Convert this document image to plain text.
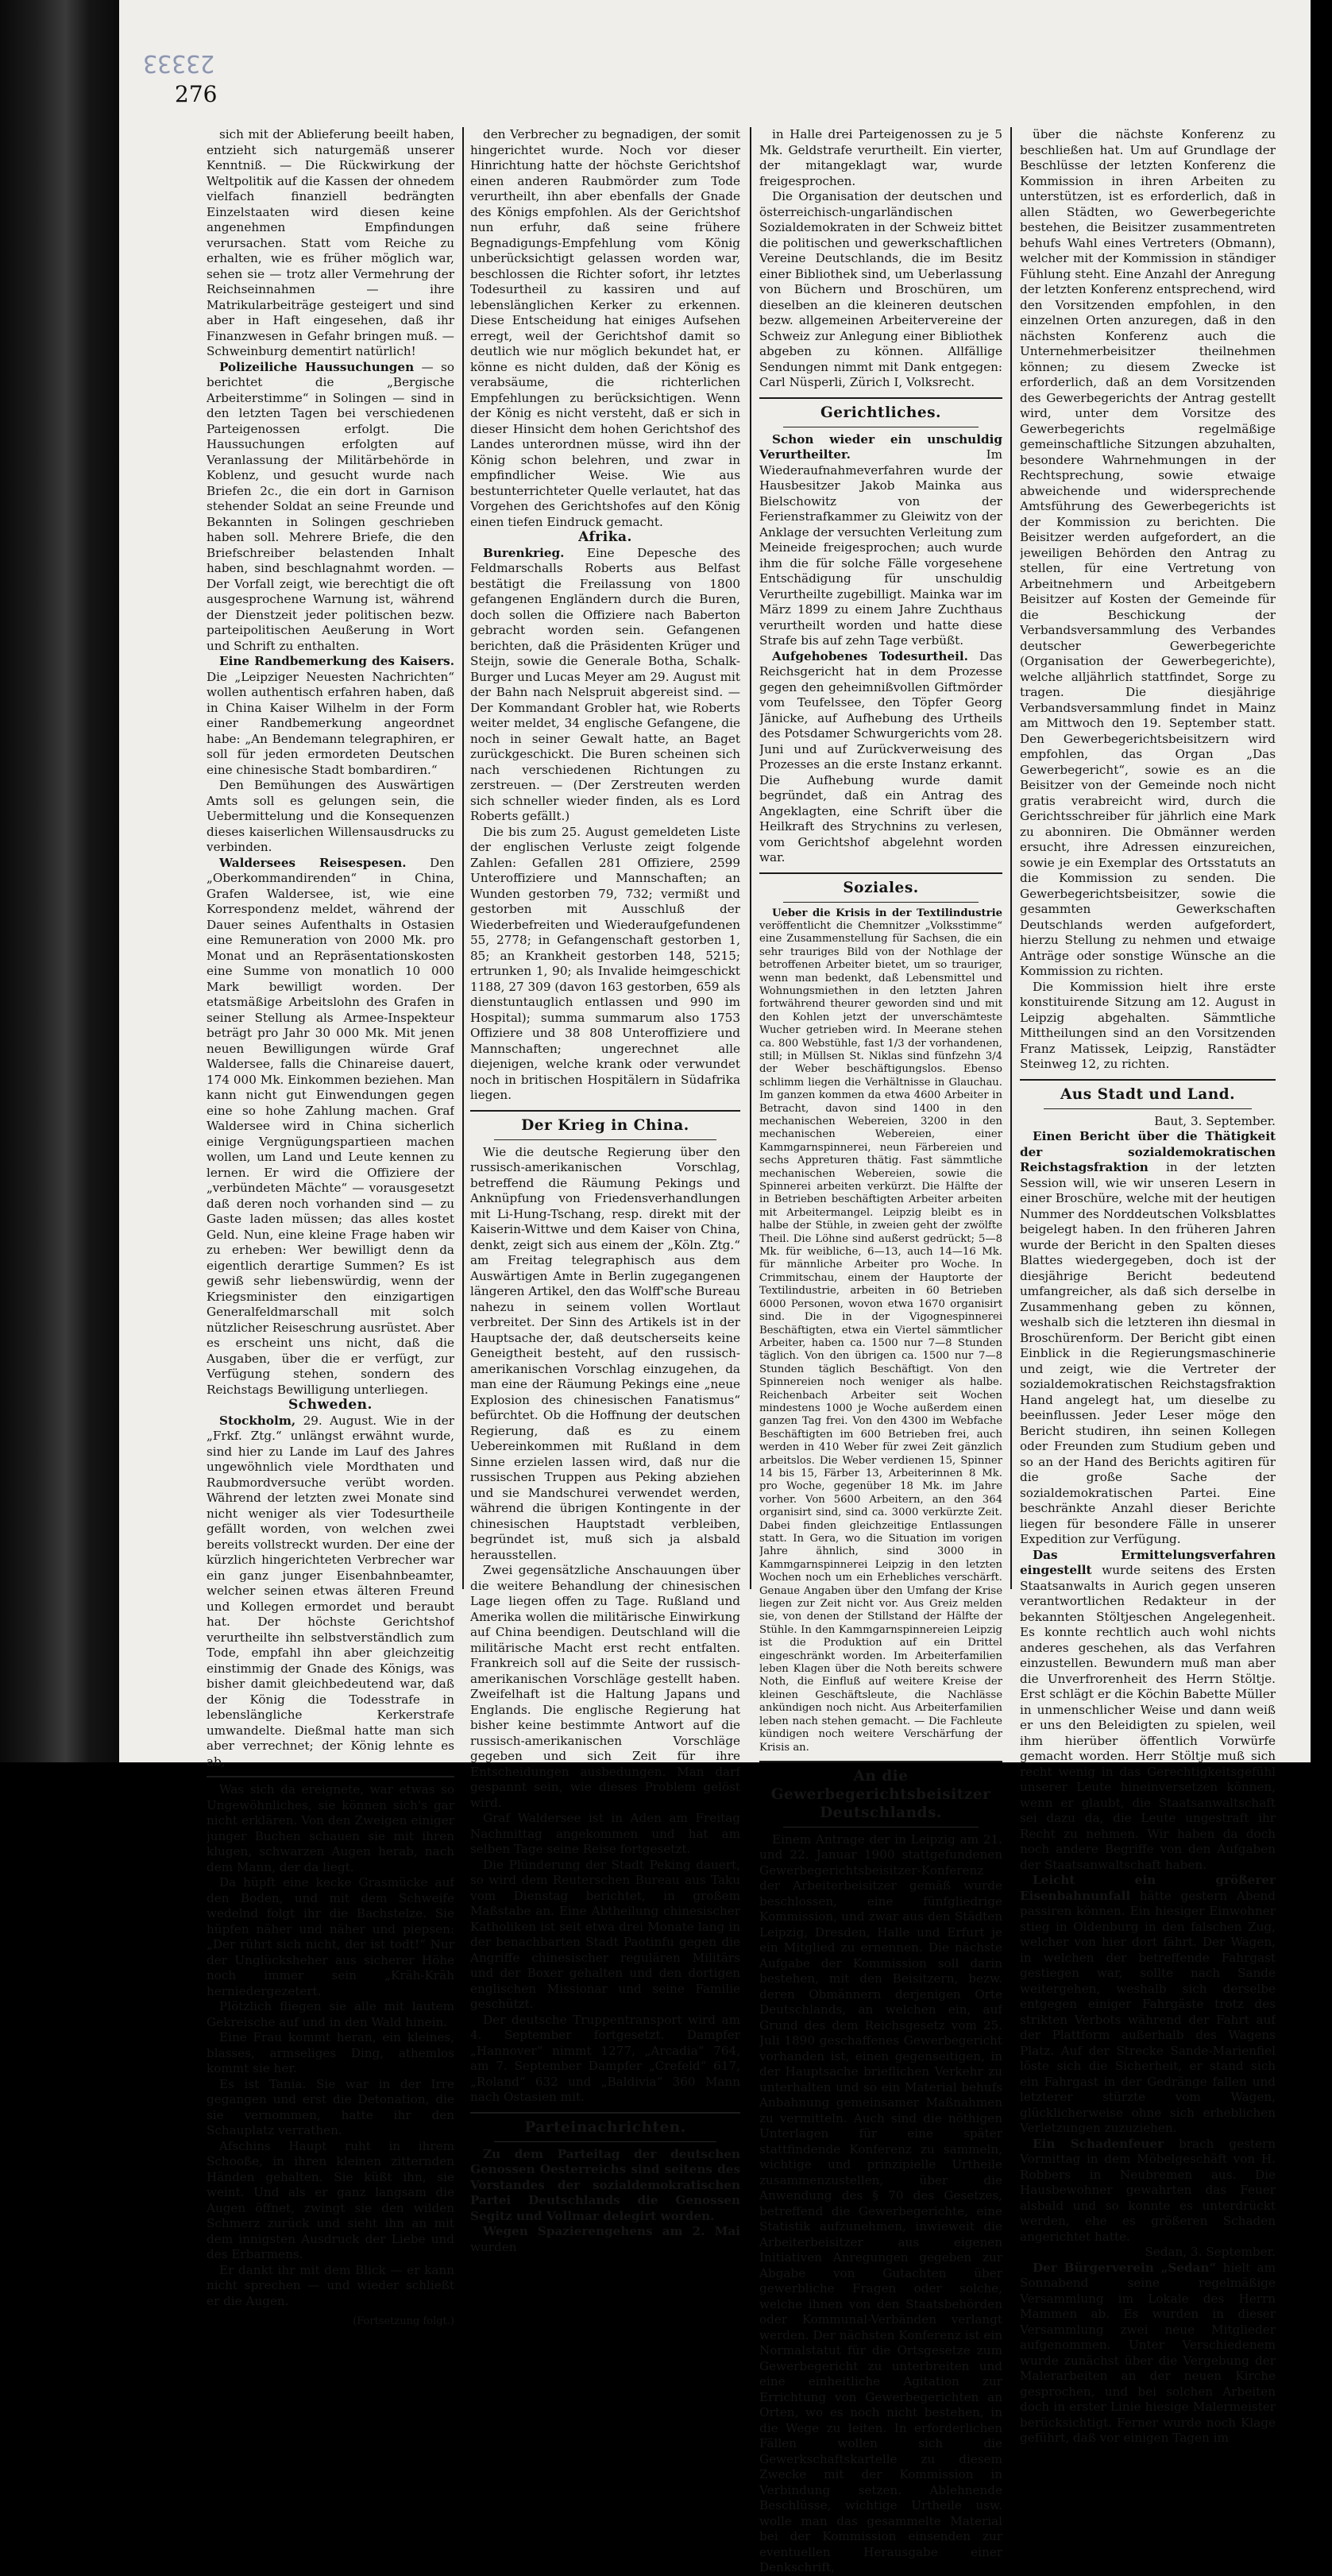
23333
276

sich mit der Ablieferung beeilt haben, entzieht sich naturgemäß unserer Kenntniß. — Die Rückwirkung der Weltpolitik auf die Kassen der ohnedem vielfach finanziell bedrängten Einzelstaaten wird diesen keine angenehmen Empfindungen verursachen. Statt vom Reiche zu erhalten, wie es früher möglich war, sehen sie — trotz aller Vermehrung der Reichseinnahmen — ihre Matrikularbeiträge gesteigert und sind aber in Haft eingesehen, daß ihr Finanzwesen in Gefahr bringen muß. — Schweinburg dementirt natürlich!

Polizeiliche Haussuchungen — so berichtet die „Bergische Arbeiterstimme“ in Solingen — sind in den letzten Tagen bei verschiedenen Parteigenossen erfolgt. Die Haussuchungen erfolgten auf Veranlassung der Militärbehörde in Koblenz, und gesucht wurde nach Briefen 2c., die ein dort in Garnison stehender Soldat an seine Freunde und Bekannten in Solingen geschrieben haben soll. Mehrere Briefe, die den Briefschreiber belastenden Inhalt haben, sind beschlagnahmt worden. — Der Vorfall zeigt, wie berechtigt die oft ausgesprochene Warnung ist, während der Dienstzeit jeder politischen bezw. parteipolitischen Aeußerung in Wort und Schrift zu enthalten.

Eine Randbemerkung des Kaisers. Die „Leipziger Neuesten Nachrichten“ wollen authentisch erfahren haben, daß in China Kaiser Wilhelm in der Form einer Randbemerkung angeordnet habe: „An Bendemann telegraphiren, er soll für jeden ermordeten Deutschen eine chinesische Stadt bombardiren.“

Den Bemühungen des Auswärtigen Amts soll es gelungen sein, die Uebermittelung und die Konsequenzen dieses kaiserlichen Willensausdrucks zu verbinden.

Waldersees Reisespesen. Den „Oberkommandirenden“ in China, Grafen Waldersee, ist, wie eine Korrespondenz meldet, während der Dauer seines Aufenthalts in Ostasien eine Remuneration von 2000 Mk. pro Monat und an Repräsentationskosten eine Summe von monatlich 10 000 Mark bewilligt worden. Der etatsmäßige Arbeitslohn des Grafen in seiner Stellung als Armee-Inspekteur beträgt pro Jahr 30 000 Mk. Mit jenen neuen Bewilligungen würde Graf Waldersee, falls die Chinareise dauert, 174 000 Mk. Einkommen beziehen. Man kann nicht gut Einwendungen gegen eine so hohe Zahlung machen. Graf Waldersee wird in China sicherlich einige Vergnügungspartieen machen wollen, um Land und Leute kennen zu lernen. Er wird die Offiziere der „verbündeten Mächte“ — vorausgesetzt daß deren noch vorhanden sind — zu Gaste laden müssen; das alles kostet Geld. Nun, eine kleine Frage haben wir zu erheben: Wer bewilligt denn da eigentlich derartige Summen? Es ist gewiß sehr liebenswürdig, wenn der Kriegsminister den einzigartigen Generalfeldmarschall mit solch nützlicher Reiseschrung ausrüstet. Aber es erscheint uns nicht, daß die Ausgaben, über die er verfügt, zur Verfügung stehen, sondern des Reichstags Bewilligung unterliegen.

Schweden.

Stockholm, 29. August. Wie in der „Frkf. Ztg.“ unlängst erwähnt wurde, sind hier zu Lande im Lauf des Jahres ungewöhnlich viele Mordthaten und Raubmordversuche verübt worden. Während der letzten zwei Monate sind nicht weniger als vier Todesurtheile gefällt worden, von welchen zwei bereits vollstreckt wurden. Der eine der kürzlich hingerichteten Verbrecher war ein ganz junger Eisenbahnbeamter, welcher seinen etwas älteren Freund und Kollegen ermordet und beraubt hat. Der höchste Gerichtshof verurtheilte ihn selbstverständlich zum Tode, empfahl ihn aber gleichzeitig einstimmig der Gnade des Königs, was bisher damit gleichbedeutend war, daß der König die Todesstrafe in lebenslängliche Kerkerstrafe umwandelte. Dießmal hatte man sich aber verrechnet; der König lehnte es ab,

Was sich da ereignete, war etwas so Ungewöhnliches, sie können sich's gar nicht erklären. Von den Zweigen einiger junger Buchen schauen sie mit ihren klugen, schwarzen Augen herab, nach dem Mann, der da liegt.

Da hüpft eine kecke Grasmücke auf den Boden, und mit dem Schweife wedelnd folgt ihr die Bachstelze. Sie hüpfen näher und näher und piepsen: „Der rührt sich nicht, der ist todt!“ Nur der Unglücksheher aus sicherer Höhe noch immer sein „Kräh-Kräh herniedergezetert.

Plötzlich fliegen sie alle mit lautem Gekreische auf und in den Wald hinein.

Eine Frau kommt heran, ein kleines, blasses, armseliges Ding, athemlos kommt sie her.

Es ist Tania. Sie war in der Irre gegangen und erst die Detonation, die sie vernommen, hatte ihr den Schauplatz verrathen.

Afschins Haupt ruht in ihrem Schooße, in ihren kleinen zitternden Händen gehalten. Sie küßt ihn, sie weint. Und als er ganz langsam die Augen öffnet, zwingt sie den wilden Schmerz zurück und sieht ihn an mit dem innigsten Ausdruck der Liebe und des Erbarmens.

Er dankt ihr mit dem Blick — er kann nicht sprechen — und wieder schließt er die Augen.

(Fortsetzung folgt.)

den Verbrecher zu begnadigen, der somit hingerichtet wurde. Noch vor dieser Hinrichtung hatte der höchste Gerichtshof einen anderen Raubmörder zum Tode verurtheilt, ihn aber ebenfalls der Gnade des Königs empfohlen. Als der Gerichtshof nun erfuhr, daß seine frühere Begnadigungs-Empfehlung vom König unberücksichtigt gelassen worden war, beschlossen die Richter sofort, ihr letztes Todesurtheil zu kassiren und auf lebenslänglichen Kerker zu erkennen. Diese Entscheidung hat einiges Aufsehen erregt, weil der Gerichtshof damit so deutlich wie nur möglich bekundet hat, er könne es nicht dulden, daß der König es verabsäume, die richterlichen Empfehlungen zu berücksichtigen. Wenn der König es nicht versteht, daß er sich in dieser Hinsicht dem hohen Gerichtshof des Landes unterordnen müsse, wird ihn der König schon belehren, und zwar in empfindlicher Weise. Wie aus bestunterrichteter Quelle verlautet, hat das Vorgehen des Gerichtshofes auf den König einen tiefen Eindruck gemacht.

Afrika.

Burenkrieg. Eine Depesche des Feldmarschalls Roberts aus Belfast bestätigt die Freilassung von 1800 gefangenen Engländern durch die Buren, doch sollen die Offiziere nach Baberton gebracht worden sein. Gefangenen berichten, daß die Präsidenten Krüger und Steijn, sowie die Generale Botha, Schalk-Burger und Lucas Meyer am 29. August mit der Bahn nach Nelspruit abgereist sind. — Der Kommandant Grobler hat, wie Roberts weiter meldet, 34 englische Gefangene, die noch in seiner Gewalt hatte, an Baget zurückgeschickt. Die Buren scheinen sich nach verschiedenen Richtungen zu zerstreuen. — (Der Zerstreuten werden sich schneller wieder finden, als es Lord Roberts gefällt.)

Die bis zum 25. August gemeldeten Liste der englischen Verluste zeigt folgende Zahlen: Gefallen 281 Offiziere, 2599 Unteroffiziere und Mannschaften; an Wunden gestorben 79, 732; vermißt und gestorben mit Ausschluß der Wiederbefreiten und Wiederaufgefundenen 55, 2778; in Gefangenschaft gestorben 1, 85; an Krankheit gestorben 148, 5215; ertrunken 1, 90; als Invalide heimgeschickt 1188, 27 309 (davon 163 gestorben, 659 als dienstuntauglich entlassen und 990 im Hospital); summa summarum also 1753 Offiziere und 38 808 Unteroffiziere und Mannschaften; ungerechnet alle diejenigen, welche krank oder verwundet noch in britischen Hospitälern in Südafrika liegen.

Der Krieg in China.

Wie die deutsche Regierung über den russisch-amerikanischen Vorschlag, betreffend die Räumung Pekings und Anknüpfung von Friedensverhandlungen mit Li-Hung-Tschang, resp. direkt mit der Kaiserin-Wittwe und dem Kaiser von China, denkt, zeigt sich aus einem der „Köln. Ztg.“ am Freitag telegraphisch aus dem Auswärtigen Amte in Berlin zugegangenen längeren Artikel, den das Wolff'sche Bureau nahezu in seinem vollen Wortlaut verbreitet. Der Sinn des Artikels ist in der Hauptsache der, daß deutscherseits keine Geneigtheit besteht, auf den russisch-amerikanischen Vorschlag einzugehen, da man eine der Räumung Pekings eine „neue Explosion des chinesischen Fanatismus“ befürchtet. Ob die Hoffnung der deutschen Regierung, daß es zu einem Uebereinkommen mit Rußland in dem Sinne erzielen lassen wird, daß nur die russischen Truppen aus Peking abziehen und sie Mandschurei verwendet werden, während die übrigen Kontingente in der chinesischen Hauptstadt verbleiben, begründet ist, muß sich ja alsbald herausstellen.

Zwei gegensätzliche Anschauungen über die weitere Behandlung der chinesischen Lage liegen offen zu Tage. Rußland und Amerika wollen die militärische Einwirkung auf China beendigen. Deutschland will die militärische Macht erst recht entfalten. Frankreich soll auf die Seite der russisch-amerikanischen Vorschläge gestellt haben. Zweifelhaft ist die Haltung Japans und Englands. Die englische Regierung hat bisher keine bestimmte Antwort auf die russisch-amerikanischen Vorschläge gegeben und sich Zeit für ihre Entscheidungen ausbedungen. Man darf gespannt sein, wie dieses Problem gelöst wird.

Graf Waldersee ist in Aden am Freitag Nachmittag angekommen und hat am selben Tage seine Reise fortgesetzt.

Die Plünderung der Stadt Peking dauert, so wird dem Reuterschen Bureau aus Taku vom Dienstag berichtet, in großem Maßstabe an. Eine Abtheilung chinesischer Katholiken ist seit etwa drei Monate lang in der benachbarten Stadt Paotinfu gegen die Angriffe chinesischer regulären Militärs und der Boxer gehalten und den dortigen englischen Missionar und seine Familie geschützt.

Der deutsche Truppentransport wird am 4. September fortgesetzt. Dampfer „Hannover“ nimmt 1277, „Arcadia“ 764, am 7. September Dampfer „Crefeld“ 617, „Roland“ 632 und „Baldivia“ 360 Mann nach Ostasien mit.

Parteinachrichten.

Zu dem Parteitag der deutschen Genossen Oesterreichs sind seitens des Vorstandes der sozialdemokratischen Partei Deutschlands die Genossen Segitz und Vollmar delegirt worden.

Wegen Spazierengehens am 2. Mai wurden

in Halle drei Parteigenossen zu je 5 Mk. Geldstrafe verurtheilt. Ein vierter, der mitangeklagt war, wurde freigesprochen.

Die Organisation der deutschen und österreichisch-ungarländischen Sozialdemokraten in der Schweiz bittet die politischen und gewerkschaftlichen Vereine Deutschlands, die im Besitz einer Bibliothek sind, um Ueberlassung von Büchern und Broschüren, um dieselben an die kleineren deutschen bezw. allgemeinen Arbeitervereine der Schweiz zur Anlegung einer Bibliothek abgeben zu können. Allfällige Sendungen nimmt mit Dank entgegen: Carl Nüsperli, Zürich I, Volksrecht.

Gerichtliches.

Schon wieder ein unschuldig Verurtheilter.	Im Wiederaufnahmeverfahren wurde der Hausbesitzer Jakob Mainka aus Bielschowitz von der Ferienstrafkammer zu Gleiwitz von der Anklage der versuchten Verleitung zum Meineide freigesprochen; auch wurde ihm die für solche Fälle vorgesehene Entschädigung für unschuldig Verurtheilte zugebilligt. Mainka war im März 1899 zu einem Jahre Zuchthaus verurtheilt worden und hatte diese Strafe bis auf zehn Tage verbüßt.

Aufgehobenes Todesurtheil. Das Reichsgericht hat in dem Prozesse gegen den geheimnißvollen Giftmörder vom Teufelssee, den Töpfer Georg Jänicke, auf Aufhebung des Urtheils des Potsdamer Schwurgerichts vom 28. Juni und auf Zurückverweisung des Prozesses an die erste Instanz erkannt. Die Aufhebung wurde damit begründet, daß ein Antrag des Angeklagten, eine Schrift über die Heilkraft des Strychnins zu verlesen, vom Gerichtshof abgelehnt worden war.

Soziales.

Ueber die Krisis in der Textilindustrie veröffentlicht die Chemnitzer „Volksstimme“ eine Zusammenstellung für Sachsen, die ein sehr trauriges Bild von der Nothlage der betroffenen Arbeiter bietet, um so trauriger, wenn man bedenkt, daß Lebensmittel und Wohnungsmiethen in den letzten Jahren fortwährend theurer geworden sind und mit den Kohlen jetzt der unverschämteste Wucher getrieben wird. In Meerane stehen ca. 800 Webstühle, fast 1/3 der vorhandenen, still; in Müllsen St. Niklas sind fünfzehn 3/4 der Weber beschäftigungslos. Ebenso schlimm liegen die Verhältnisse in Glauchau. Im ganzen kommen da etwa 4600 Arbeiter in Betracht, davon sind 1400 in den mechanischen Webereien, 3200 in den mechanischen Webereien, einer Kammgarnspinnerei, neun Färbereien und sechs Appreturen thätig. Fast sämmtliche mechanischen Webereien, sowie die Spinnerei arbeiten verkürzt. Die Hälfte der in Betrieben beschäftigten Arbeiter arbeiten mit Arbeitermangel. Leipzig bleibt es in halbe der Stühle, in zweien geht der zwölfte Theil. Die Löhne sind außerst gedrückt; 5—8 Mk. für weibliche, 6—13, auch 14—16 Mk. für männliche Arbeiter pro Woche. In Crimmitschau, einem der Hauptorte der Textilindustrie, arbeiten in 60 Betrieben 6000 Personen, wovon etwa 1670 organisirt sind. Die in der Vigognespinnerei Beschäftigten, etwa ein Viertel sämmtlicher Arbeiter, haben ca. 1500 nur 7—8 Stunden täglich. Von den übrigen ca. 1500 nur 7—8 Stunden täglich Beschäftigt. Von den Spinnereien noch weniger als halbe. Reichenbach Arbeiter seit Wochen mindestens 1000 je Woche außerdem einen ganzen Tag frei. Von den 4300 im Webfache Beschäftigten im 600 Betrieben frei, auch werden in 410 Weber für zwei Zeit gänzlich arbeitslos. Die Weber verdienen 15, Spinner 14 bis 15, Färber 13, Arbeiterinnen 8 Mk. pro Woche, gegenüber 18 Mk. im Jahre vorher. Von 5600 Arbeitern, an den 364 organisirt sind, sind ca. 3000 verkürzte Zeit. Dabei finden gleichzeitige Entlassungen statt. In Gera, wo die Situation im vorigen Jahre ähnlich, sind 3000 in Kammgarnspinnerei Leipzig in den letzten Wochen noch um ein Erhebliches verschärft. Genaue Angaben über den Umfang der Krise liegen zur Zeit nicht vor. Aus Greiz melden sie, von denen der Stillstand der Hälfte der Stühle. In den Kammgarnspinnereien Leipzig ist die Produktion auf ein Drittel eingeschränkt worden. Im Arbeiterfamilien leben Klagen über die Noth bereits schwere Noth, die Einfluß auf weitere Kreise der kleinen Geschäftsleute, die Nachlässe ankündigen noch nicht. Aus Arbeiterfamilien leben nach stehen gemacht. — Die Fachleute kündigen noch weitere Verschärfung der Krisis an.

An die Gewerbegerichtsbeisitzer Deutschlands.

Einem Antrage der in Leipzig am 21. und 22. Januar 1900 stattgefundenen Gewerbegerichtsbeisitzer-Konferenz der Arbeiterbeisitzer gemäß wurde beschlossen, eine fünfgliedrige Kommission, und zwar aus den Städten Leipzig, Dresden, Halle und Erfurt je ein Mitglied zu ernennen. Die nächste Aufgabe der Kommission soll darin bestehen, mit den Beisitzern, bezw. deren Obmännern derjenigen Orte Deutschlands, an welchen ein, auf Grund des dem Reichsgesetz vom 25. Juli 1890 geschaffenes Gewerbegericht vorhanden ist, einen gegenseitigen, in der Hauptsache brieflichen Verkehr zu unterhalten und so ein Material behufs Anbahnung gemeinsamer Maßnahmen zu vermitteln. Auch sind die nöthigen Unterlagen für eine später stattfindende Konferenz zu sammeln, wichtige und prinzipielle Urtheile zusammenzustellen, über die Anwendung des § 70 des Gesetzes, betreffend die Gewerbegerichte, eine Statistik aufzunehmen, inwieweit die Arbeiterbeisitzer aus eigenen Initiativen Anregungen gegeben zur Abgabe von Gutachten über gewerbliche Fragen oder solche, welche ihnen von den Staatsbehörden oder Kommunal-Verbänden verlangt werden. Der nächsten Konferenz ist ein Normalstatut für die Ortsgesetze zum Gewerbegericht zu unterbreiten und eine einheitliche Agitation zur Errichtung von Gewerbegerichten an Orten, wo es noch nicht bestehen, in die Wege zu leiten. In erforderlichen Fällen wollen sich die Gewerkschaftskartelle zu diesem Zwecke mit der Kommission in Verbindung setzen. Ablehnende Beschlüsse, wichtige Urtheile usw. wolle man das gesammelte Material bei der Kommission einsenden zur eventuellen Herausgabe einer Denkschrift,

über die nächste Konferenz zu beschließen hat. Um auf Grundlage der Beschlüsse der letzten Konferenz die Kommission in ihren Arbeiten zu unterstützen, ist es erforderlich, daß in allen Städten, wo Gewerbegerichte bestehen, die Beisitzer zusammentreten behufs Wahl eines Vertreters (Obmann), welcher mit der Kommission in ständiger Fühlung steht. Eine Anzahl der Anregung der letzten Konferenz entsprechend, wird den Vorsitzenden empfohlen, in den einzelnen Orten anzuregen, daß in den nächsten Konferenz auch die Unternehmerbeisitzer theilnehmen können; zu diesem Zwecke ist erforderlich, daß an dem Vorsitzenden des Gewerbegerichts der Antrag gestellt wird, unter dem Vorsitze des Gewerbegerichts regelmäßige gemeinschaftliche Sitzungen abzuhalten, besondere Wahrnehmungen in der Rechtsprechung, sowie etwaige abweichende und widersprechende Amtsführung des Gewerbegerichts ist der Kommission zu berichten. Die Beisitzer werden aufgefordert, an die jeweiligen Behörden den Antrag zu stellen, für eine Vertretung von Arbeitnehmern und Arbeitgebern Beisitzer auf Kosten der Gemeinde für die Beschickung der Verbandsversammlung des Verbandes deutscher Gewerbegerichte (Organisation der Gewerbegerichte), welche alljährlich stattfindet, Sorge zu tragen. Die diesjährige Verbandsversammlung findet in Mainz am Mittwoch den 19. September statt. Den Gewerbegerichtsbeisitzern wird empfohlen, das Organ „Das Gewerbegericht“, sowie es an die Beisitzer von der Gemeinde noch nicht gratis verabreicht wird, durch die Gerichtsschreiber für jährlich eine Mark zu abonniren. Die Obmänner werden ersucht, ihre Adressen einzureichen, sowie je ein Exemplar des Ortsstatuts an die Kommission zu senden. Die Gewerbegerichtsbeisitzer, sowie die gesammten Gewerkschaften Deutschlands werden aufgefordert, hierzu Stellung zu nehmen und etwaige Anträge oder sonstige Wünsche an die Kommission zu richten.

Die Kommission hielt ihre erste konstituirende Sitzung am 12. August in Leipzig abgehalten. Sämmtliche Mittheilungen sind an den Vorsitzenden Franz Matissek, Leipzig, Ranstädter Steinweg 12, zu richten.

Aus Stadt und Land.

Baut, 3. September.

Einen Bericht über die Thätigkeit der sozialdemokratischen Reichstagsfraktion in der letzten Session will, wie wir unseren Lesern in einer Broschüre, welche mit der heutigen Nummer des Norddeutschen Volksblattes beigelegt haben. In den früheren Jahren wurde der Bericht in den Spalten dieses Blattes wiedergegeben, doch ist der diesjährige Bericht bedeutend umfangreicher, als daß sich derselbe in Zusammenhang geben zu können, weshalb sich die letzteren ihn diesmal in Broschürenform. Der Bericht gibt einen Einblick in die Regierungsmaschinerie und zeigt, wie die Vertreter der sozialdemokratischen Reichstagsfraktion Hand angelegt hat, um dieselbe zu beeinflussen. Jeder Leser möge den Bericht studiren, ihn seinen Kollegen oder Freunden zum Studium geben und so an der Hand des Berichts agitiren für die große Sache der sozialdemokratischen Partei. Eine beschränkte Anzahl dieser Berichte liegen für besondere Fälle in unserer Expedition zur Verfügung.

Das Ermittelungsverfahren eingestellt wurde seitens des Ersten Staatsanwalts in Aurich gegen unseren verantwortlichen Redakteur in der bekannten Stöltjeschen Angelegenheit. Es konnte rechtlich auch wohl nichts anderes geschehen, als das Verfahren einzustellen. Bewundern muß man aber die Unverfrorenheit des Herrn Stöltje. Erst schlägt er die Köchin Babette Müller in unmenschlicher Weise und dann weiß er uns den Beleidigten zu spielen, weil ihm hierüber öffentlich Vorwürfe gemacht worden. Herr Stöltje muß sich recht wenig in das Gerechtigkeitsgefühl unserer Leute hineinversetzen können, wenn er glaubt, die Staatsanwaltschaft sei dazu da, die Leute ungestraft ihr Recht zu nehmen. Wir haben da doch noch andere Begriffe von den Aufgaben der Staatsanwaltschaft haben.

Leicht ein größerer Eisenbahnunfall hätte gestern Abend passiren können. Ein hiesiger Einwohner stieg in Oldenburg in den falschen Zug, welcher von hier dort fährt. Der Wagen, in welchen der betreffende Fahrgast gestiegen war, sollte nach Sande weitergehen, weshalb sich derselbe entgegen einiger Fahrgäste trotz des strikten Verbots während der Fahrt auf der Plattform außerhalb des Wagens Platz. Auf der Strecke Sande-Marienfiel löste sich die Sicherheit, er stand sich ein Fahrgast in der Gedränge fallen und letzterer stürzte vom Wagen, glücklicherweise ohne sich erheblichen Verletzungen zuzuziehen.

Ein Schadenfeuer brach gestern Vormittag in dem Möbelgeschäft von H. Robbers in Neubremen aus. Die Hausbewohner gewahrten das Feuer alsbald und so konnte es unterdrückt werden, ehe es größeren Schaden angerichtet hatte.

Sedan, 3. September.

Der Bürgerverein „Sedan“ hielt am Sonnabend seine regelmäßige Versammlung im Lokale des Herrn Mammen ab. Es wurden in dieser Versammlung zwei neue Mitglieder aufgenommen. Unter Verschiedenem wurde zunächst über die Vergebung der Malerarbeiten an der neuen Kirche gesprochen, und bei solchen Arbeiten doch in erster Linie hiesige Malermeister berücksichtigt. Ferner wurde noch Klage geführt, daß vor einigen Tagen im
